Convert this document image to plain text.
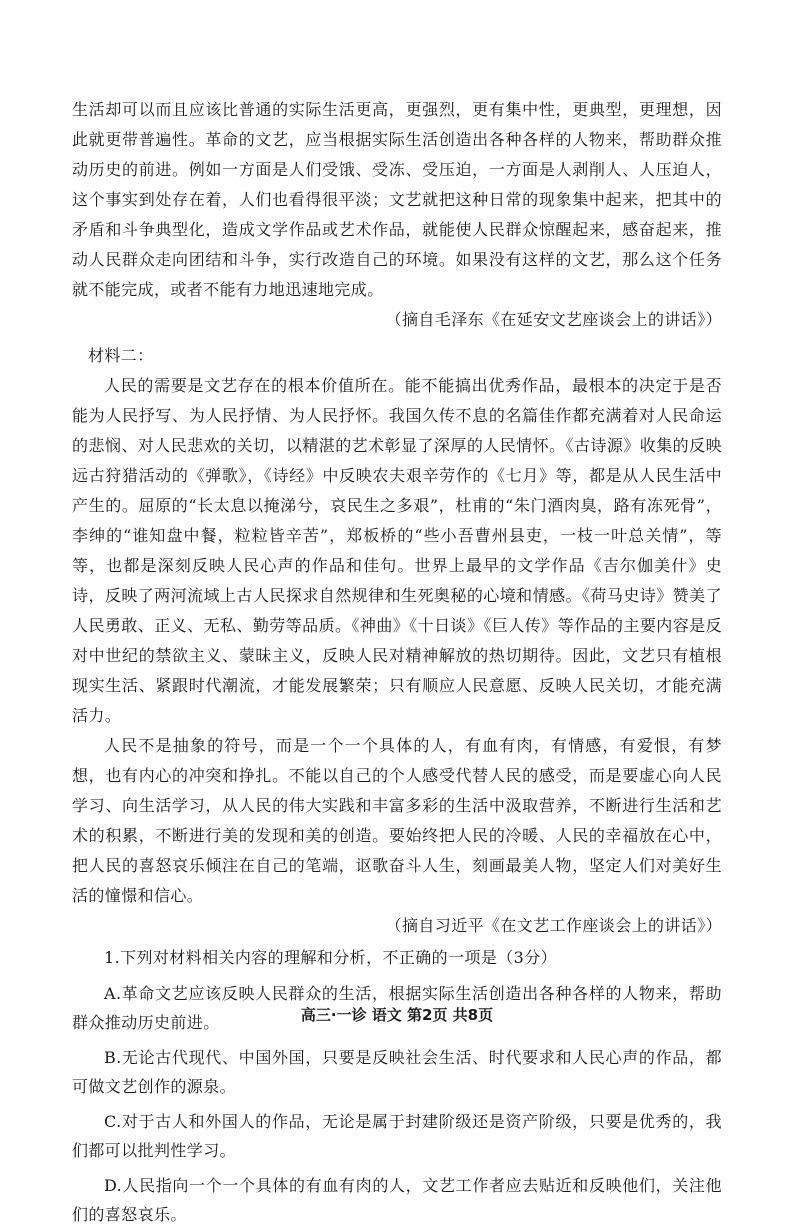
生活却可以而且应该比普通的实际生活更高，更强烈，更有集中性，更典型，更理想，因此就更带普遍性。革命的文艺，应当根据实际生活创造出各种各样的人物来，帮助群众推动历史的前进。例如一方面是人们受饿、受冻、受压迫，一方面是人剥削人、人压迫人，这个事实到处存在着，人们也看得很平淡；文艺就把这种日常的现象集中起来，把其中的矛盾和斗争典型化，造成文学作品或艺术作品，就能使人民群众惊醒起来，感奋起来，推动人民群众走向团结和斗争，实行改造自己的环境。如果没有这样的文艺，那么这个任务就不能完成，或者不能有力地迅速地完成。

（摘自毛泽东《在延安文艺座谈会上的讲话》）

材料二：

人民的需要是文艺存在的根本价值所在。能不能搞出优秀作品，最根本的决定于是否能为人民抒写、为人民抒情、为人民抒怀。我国久传不息的名篇佳作都充满着对人民命运的悲悯、对人民悲欢的关切，以精湛的艺术彰显了深厚的人民情怀。《古诗源》收集的反映远古狩猎活动的《弹歌》，《诗经》中反映农夫艰辛劳作的《七月》等，都是从人民生活中产生的。屈原的“长太息以掩涕兮，哀民生之多艰”，杜甫的“朱门酒肉臭，路有冻死骨”，李绅的“谁知盘中餐，粒粒皆辛苦”，郑板桥的“些小吾曹州县吏，一枝一叶总关情”，等等，也都是深刻反映人民心声的作品和佳句。世界上最早的文学作品《吉尔伽美什》史诗，反映了两河流域上古人民探求自然规律和生死奥秘的心境和情感。《荷马史诗》赞美了人民勇敢、正义、无私、勤劳等品质。《神曲》《十日谈》《巨人传》等作品的主要内容是反对中世纪的禁欲主义、蒙昧主义，反映人民对精神解放的热切期待。因此，文艺只有植根现实生活、紧跟时代潮流，才能发展繁荣；只有顺应人民意愿、反映人民关切，才能充满活力。

人民不是抽象的符号，而是一个一个具体的人，有血有肉，有情感，有爱恨，有梦想，也有内心的冲突和挣扎。不能以自己的个人感受代替人民的感受，而是要虚心向人民学习、向生活学习，从人民的伟大实践和丰富多彩的生活中汲取营养，不断进行生活和艺术的积累，不断进行美的发现和美的创造。要始终把人民的冷暖、人民的幸福放在心中，把人民的喜怒哀乐倾注在自己的笔端，讴歌奋斗人生，刻画最美人物，坚定人们对美好生活的憧憬和信心。

（摘自习近平《在文艺工作座谈会上的讲话》）

1.下列对材料相关内容的理解和分析，不正确的一项是（3分）

A.革命文艺应该反映人民群众的生活，根据实际生活创造出各种各样的人物来，帮助群众推动历史前进。

B.无论古代现代、中国外国，只要是反映社会生活、时代要求和人民心声的作品，都可做文艺创作的源泉。

C.对于古人和外国人的作品，无论是属于封建阶级还是资产阶级，只要是优秀的，我们都可以批判性学习。

D.人民指向一个一个具体的有血有肉的人，文艺工作者应去贴近和反映他们，关注他们的喜怒哀乐。

高三·一诊 语文 第2页 共8页
